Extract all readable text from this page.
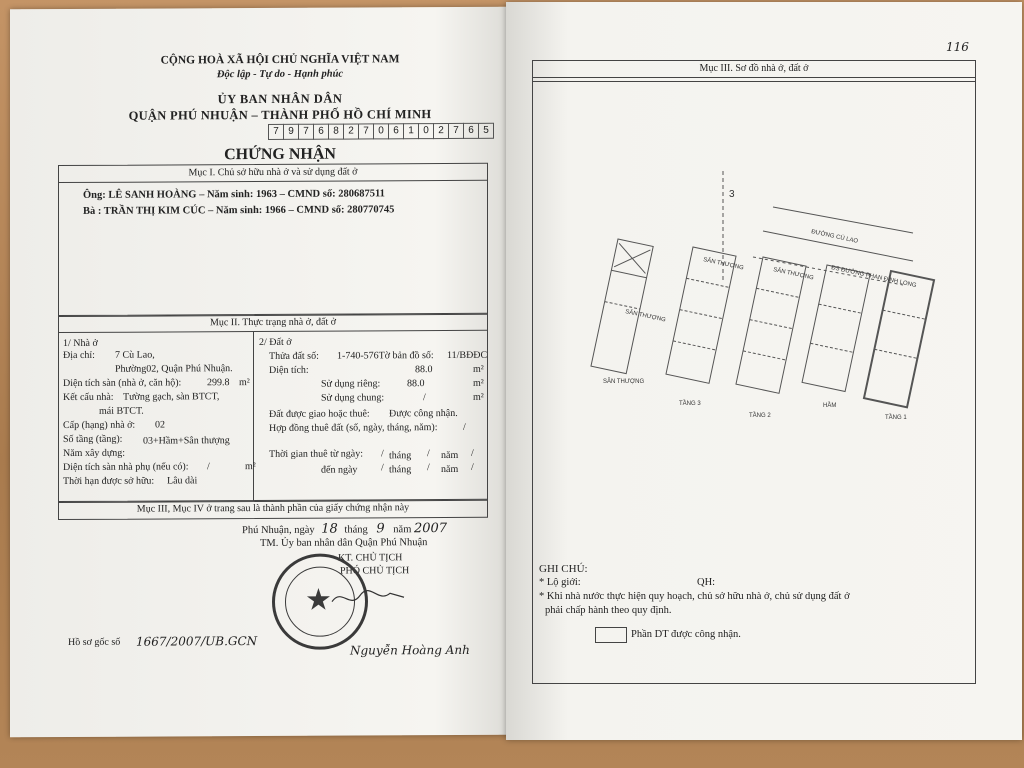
CỘNG HOÀ XÃ HỘI CHỦ NGHĨA VIỆT NAM
Độc lập - Tự do - Hạnh phúc
ỦY BAN NHÂN DÂN
QUẬN PHÚ NHUẬN – THÀNH PHỐ HỒ CHÍ MINH
7 9 7 6 8 2 7 0 6 1 0 2 7 6 5
CHỨNG NHẬN
Mục I. Chủ sở hữu nhà ở và sử dụng đất ở
Ông: LÊ SANH HOÀNG – Năm sinh: 1963 – CMND số: 280687511
Bà : TRẦN THỊ KIM CÚC – Năm sinh: 1966 – CMND số: 280770745
Mục II. Thực trạng nhà ở, đất ở
1/ Nhà ở
Địa chỉ: 7 Cù Lao,
Phường02, Quận Phú Nhuận.
Diện tích sàn (nhà ở, căn hộ):	299.8 m²
Kết cấu nhà: Tường gạch, sàn BTCT,
mái BTCT.
Cấp (hạng) nhà ở: 02
Số tầng (tầng): 03+Hầm+Sân thượng
Năm xây dựng:
Diện tích sàn nhà phụ (nếu có): /	m²
Thời hạn được sở hữu: Lâu dài
2/ Đất ở
Thửa đất số: 1-740-576Tờ bản đồ số: 11/BĐĐC
Diện tích:	88.0	m²
Sử dụng riêng:	88.0	m²
Sử dụng chung:	/	m²
Đất được giao hoặc thuê: Được công nhận.
Hợp đồng thuê đất (số, ngày, tháng, năm):	/
Thời gian thuê từ ngày: / tháng / năm /
đến ngày / tháng / năm /
Mục III, Mục IV ở trang sau là thành phần của giấy chứng nhận này
Phú Nhuận, ngày 18 tháng 9 năm 2007
TM. Ủy ban nhân dân Quận Phú Nhuận
KT. CHỦ TỊCH
PHÓ CHỦ TỊCH
★
Nguyễn Hoàng Anh
Hồ sơ gốc số 1667/2007/UB.GCN
116
Mục III. Sơ đồ nhà ở, đất ở
3
ĐƯỜNG CÙ LAO
ĐS ĐƯỜNG PHAN ĐÌNH LONG
SÂN THƯỢNG
TẦNG 3
TẦNG 2
HẦM
TẦNG 1
SÂN THƯỢNG
SÂN THƯỢNG
SÂN THƯỢNG
GHI CHÚ:
* Lộ giới:	QH:
* Khi nhà nước thực hiện quy hoạch, chủ sở hữu nhà ở, chủ sử dụng đất ở
phải chấp hành theo quy định.
Phần DT được công nhận.
